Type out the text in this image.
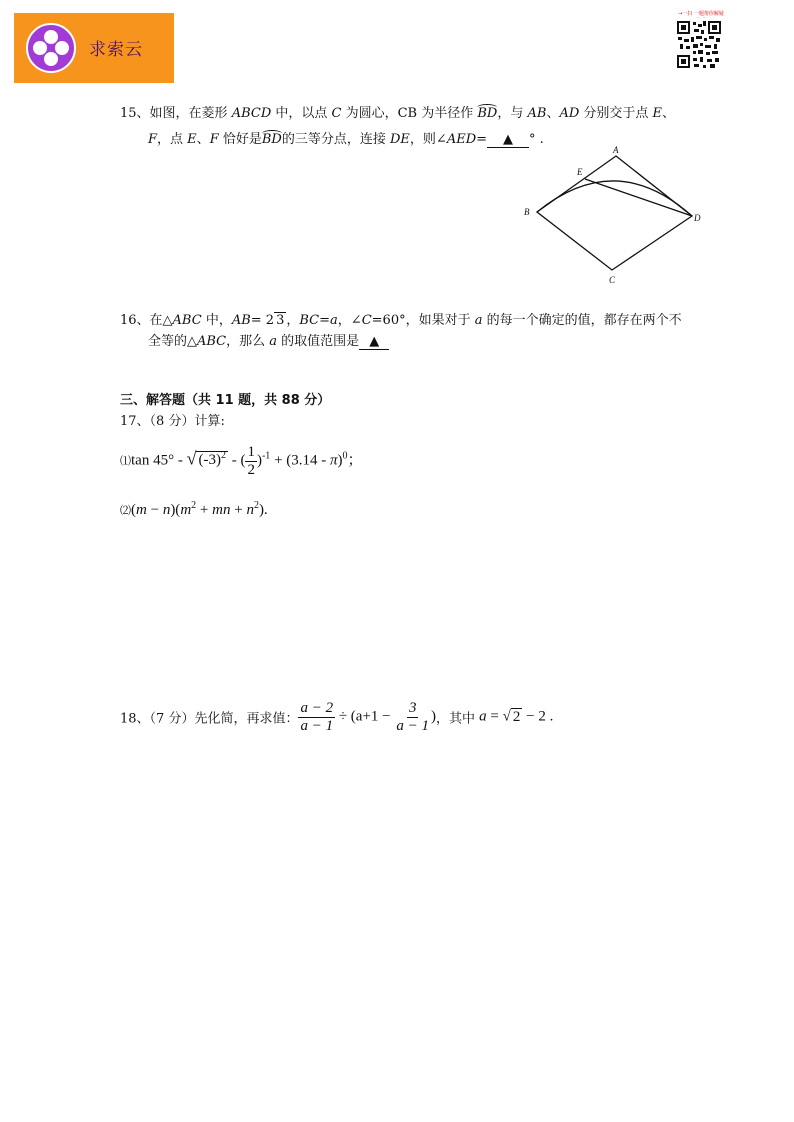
求索云
→一扫 一题帮你解疑
15、如图，在菱形 ABCD 中，以点 C 为圆心，CB 为半径作 BD，与 AB、AD 分别交于点 E、
F，点 E、F 恰好是BD的三等分点，连接 DE，则∠AED= ▲ ° .
A
B
C
D
E
16、在△ABC 中，AB= 2 3 ，BC=a，∠C=60°，如果对于 a 的每一个确定的值，都存在两个不
全等的△ABC，那么 a 的取值范围是 ▲
三、解答题（共 11 题，共 88 分）
17、（8 分）计算:
⑴tan 45° - √ $(-3)^2$ - ( $\frac{1}{2} )^{-1} + (3.14 - \pi)^0$；
⑵(m − $n)(m^2$ + mn + $n^2$).
18、（7 分）先化简，再求值： $\frac{a - 2}{a - 1} \div (a+1 - \frac{3}{a - 1}$ )，其中 a = √ 2 − 2 .
